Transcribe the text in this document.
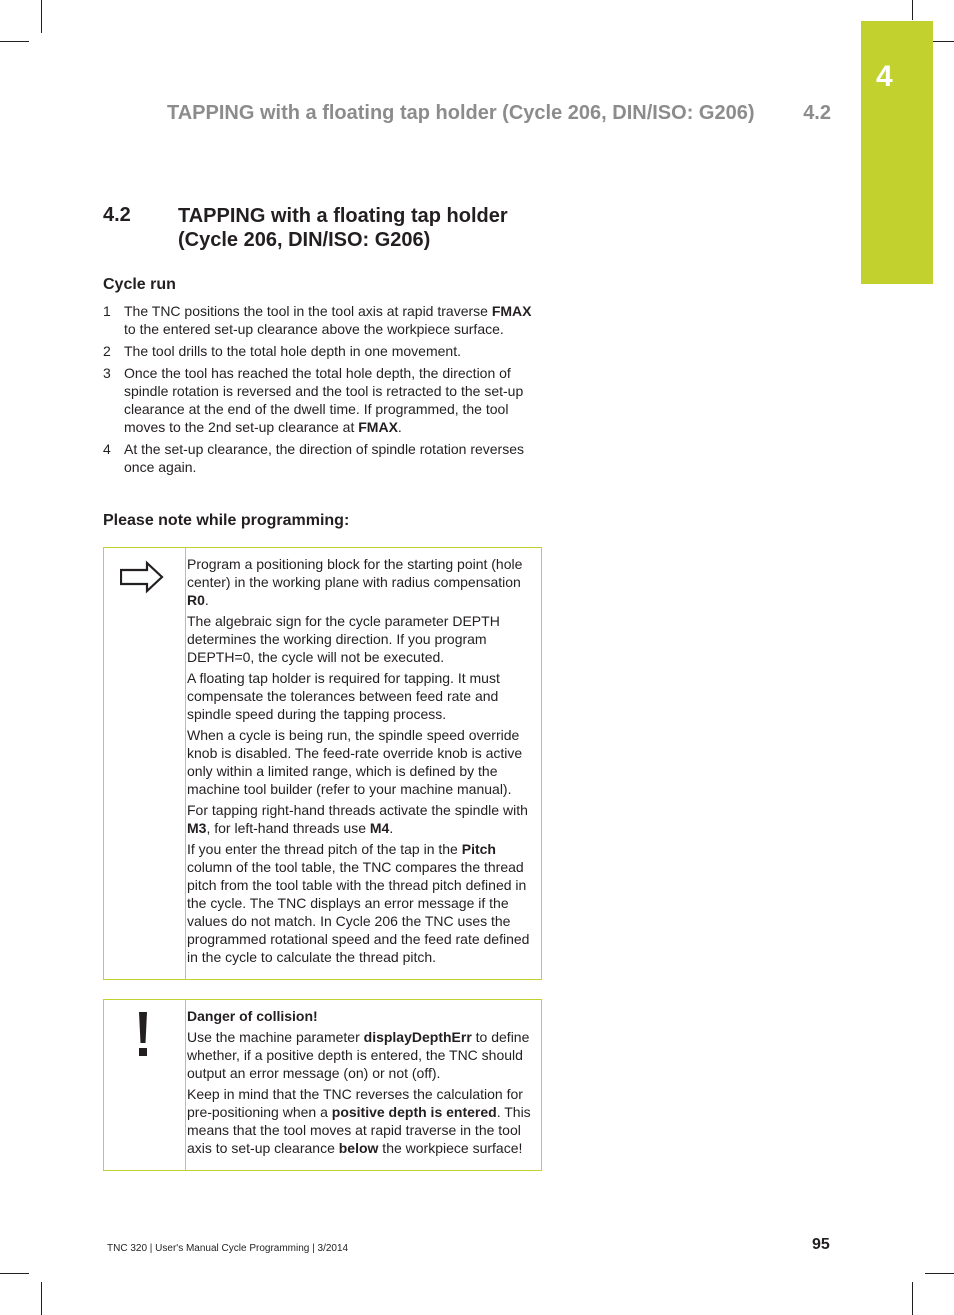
4
TAPPING with a floating tap holder (Cycle 206, DIN/ISO: G206) 4.2
4.2 TAPPING with a floating tap holder (Cycle 206, DIN/ISO: G206)
Cycle run
1 The TNC positions the tool in the tool axis at rapid traverse FMAX to the entered set-up clearance above the workpiece surface.
2 The tool drills to the total hole depth in one movement.
3 Once the tool has reached the total hole depth, the direction of spindle rotation is reversed and the tool is retracted to the set-up clearance at the end of the dwell time. If programmed, the tool moves to the 2nd set-up clearance at FMAX.
4 At the set-up clearance, the direction of spindle rotation reverses once again.
Please note while programming:

Program a positioning block for the starting point (hole center) in the working plane with radius compensation R0.

The algebraic sign for the cycle parameter DEPTH determines the working direction. If you program DEPTH=0, the cycle will not be executed.

A floating tap holder is required for tapping. It must compensate the tolerances between feed rate and spindle speed during the tapping process.

When a cycle is being run, the spindle speed override knob is disabled. The feed-rate override knob is active only within a limited range, which is defined by the machine tool builder (refer to your machine manual).

For tapping right-hand threads activate the spindle with M3, for left-hand threads use M4.

If you enter the thread pitch of the tap in the Pitch column of the tool table, the TNC compares the thread pitch from the tool table with the thread pitch defined in the cycle. The TNC displays an error message if the values do not match. In Cycle 206 the TNC uses the programmed rotational speed and the feed rate defined in the cycle to calculate the thread pitch.

Danger of collision!

Use the machine parameter displayDepthErr to define whether, if a positive depth is entered, the TNC should output an error message (on) or not (off).

Keep in mind that the TNC reverses the calculation for pre-positioning when a positive depth is entered. This means that the tool moves at rapid traverse in the tool axis to set-up clearance below the workpiece surface!

TNC 320 | User's Manual Cycle Programming | 3/2014	95
